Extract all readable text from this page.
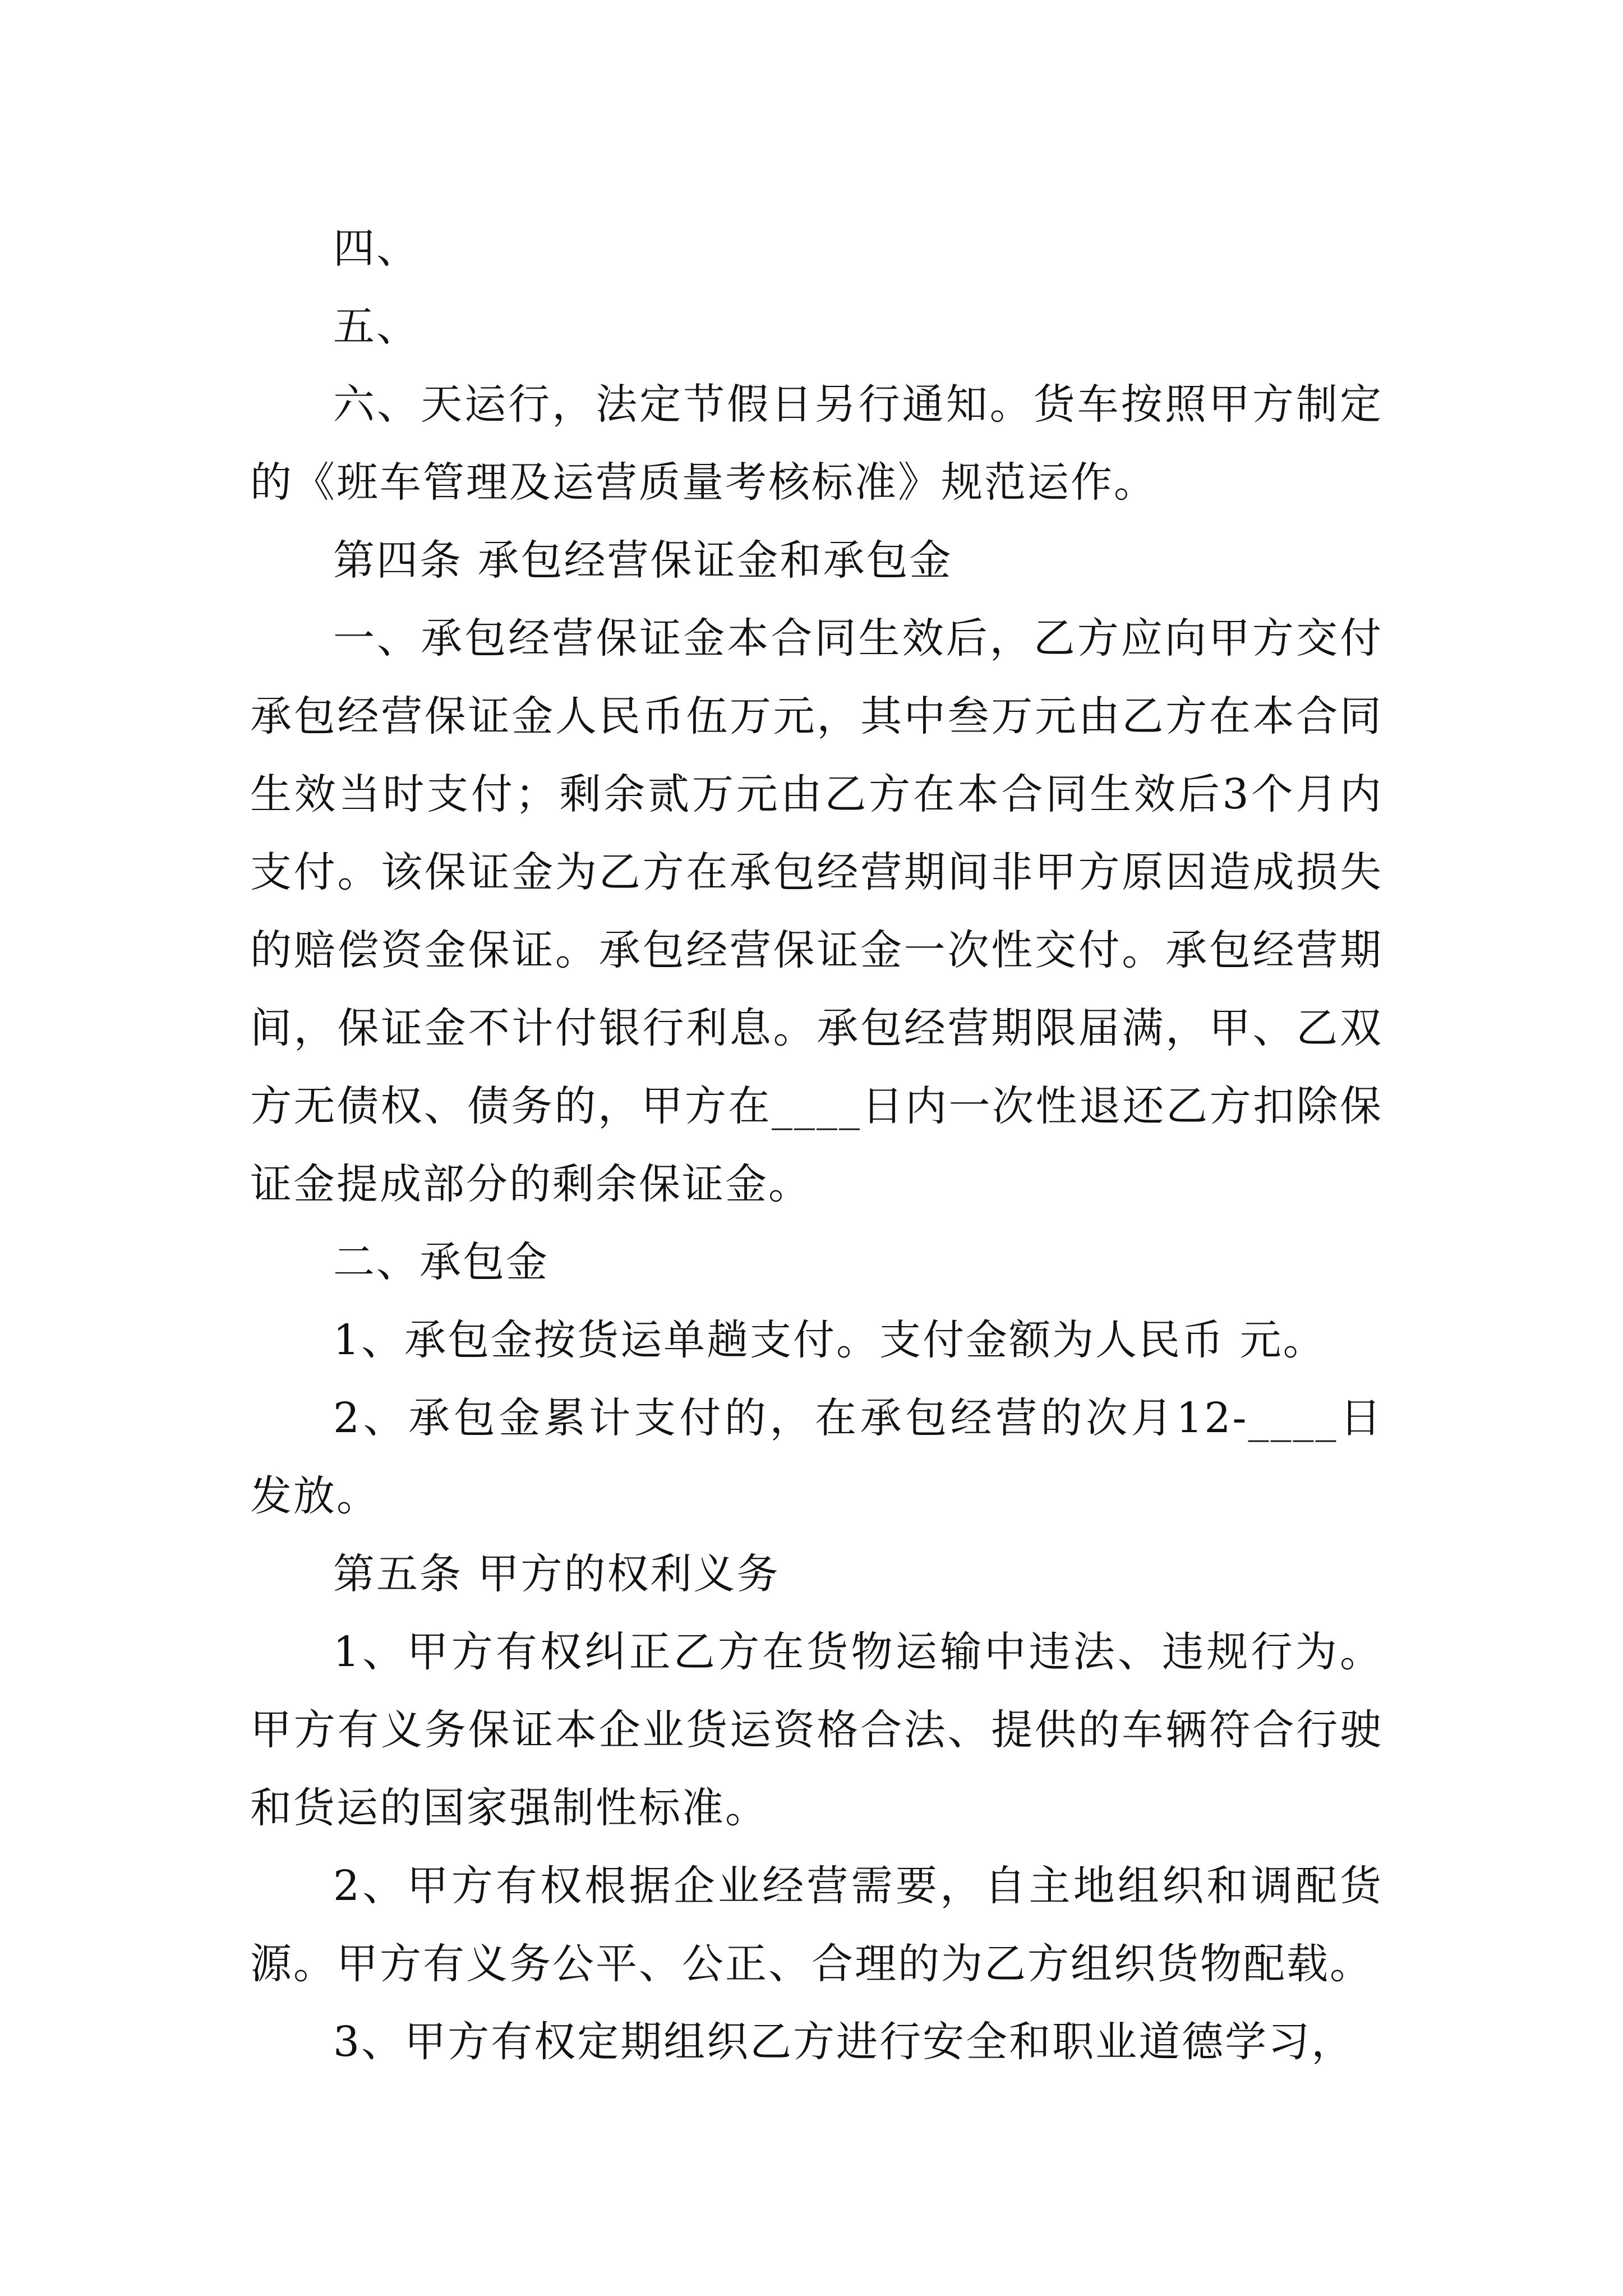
四、

五、

六、天运行，法定节假日另行通知。货车按照甲方制定的《班车管理及运营质量考核标准》规范运作。

第四条 承包经营保证金和承包金

一、承包经营保证金本合同生效后，乙方应向甲方交付承包经营保证金人民币伍万元，其中叁万元由乙方在本合同生效当时支付；剩余贰万元由乙方在本合同生效后3个月内支付。该保证金为乙方在承包经营期间非甲方原因造成损失的赔偿资金保证。承包经营保证金一次性交付。承包经营期间，保证金不计付银行利息。承包经营期限届满，甲、乙双方无债权、债务的，甲方在____日内一次性退还乙方扣除保证金提成部分的剩余保证金。

二、承包金

1、承包金按货运单趟支付。支付金额为人民币 元。

2、承包金累计支付的，在承包经营的次月12-____日发放。

第五条 甲方的权利义务

1、甲方有权纠正乙方在货物运输中违法、违规行为。甲方有义务保证本企业货运资格合法、提供的车辆符合行驶和货运的国家强制性标准。

2、甲方有权根据企业经营需要，自主地组织和调配货源。甲方有义务公平、公正、合理的为乙方组织货物配载。

3、甲方有权定期组织乙方进行安全和职业道德学习，
